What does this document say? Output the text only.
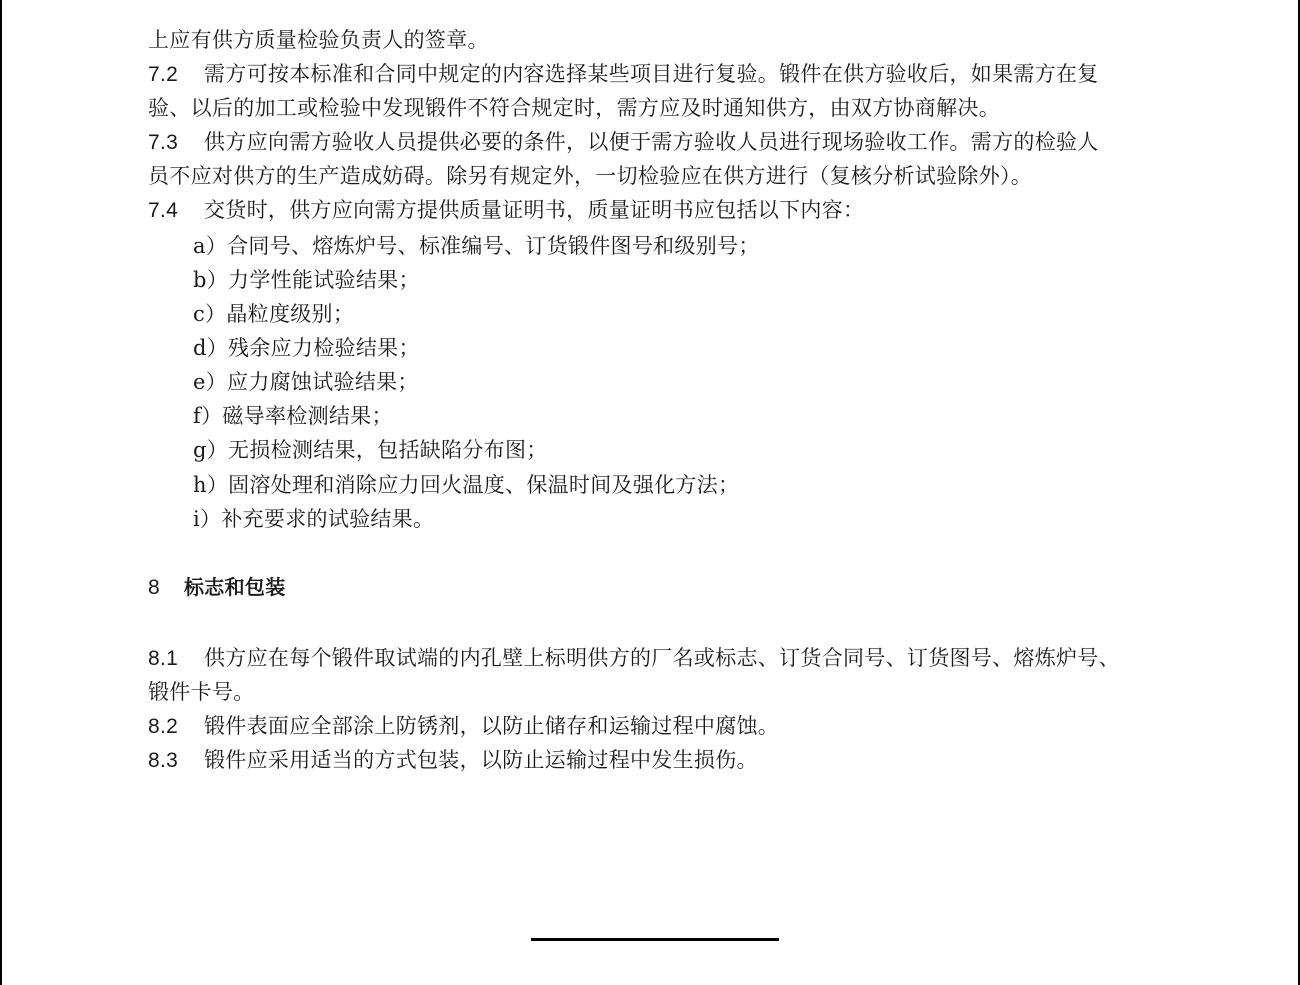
上应有供方质量检验负责人的签章。
7.2 需方可按本标准和合同中规定的内容选择某些项目进行复验。锻件在供方验收后，如果需方在复
验、以后的加工或检验中发现锻件不符合规定时，需方应及时通知供方，由双方协商解决。
7.3 供方应向需方验收人员提供必要的条件，以便于需方验收人员进行现场验收工作。需方的检验人
员不应对供方的生产造成妨碍。除另有规定外，一切检验应在供方进行（复核分析试验除外）。
7.4 交货时，供方应向需方提供质量证明书，质量证明书应包括以下内容：
a）合同号、熔炼炉号、标准编号、订货锻件图号和级别号；
b）力学性能试验结果；
c）晶粒度级别；
d）残余应力检验结果；
e）应力腐蚀试验结果；
f）磁导率检测结果；
g）无损检测结果，包括缺陷分布图；
h）固溶处理和消除应力回火温度、保温时间及强化方法；
i）补充要求的试验结果。
8 标志和包装
8.1 供方应在每个锻件取试端的内孔壁上标明供方的厂名或标志、订货合同号、订货图号、熔炼炉号、
锻件卡号。
8.2 锻件表面应全部涂上防锈剂，以防止储存和运输过程中腐蚀。
8.3 锻件应采用适当的方式包装，以防止运输过程中发生损伤。
